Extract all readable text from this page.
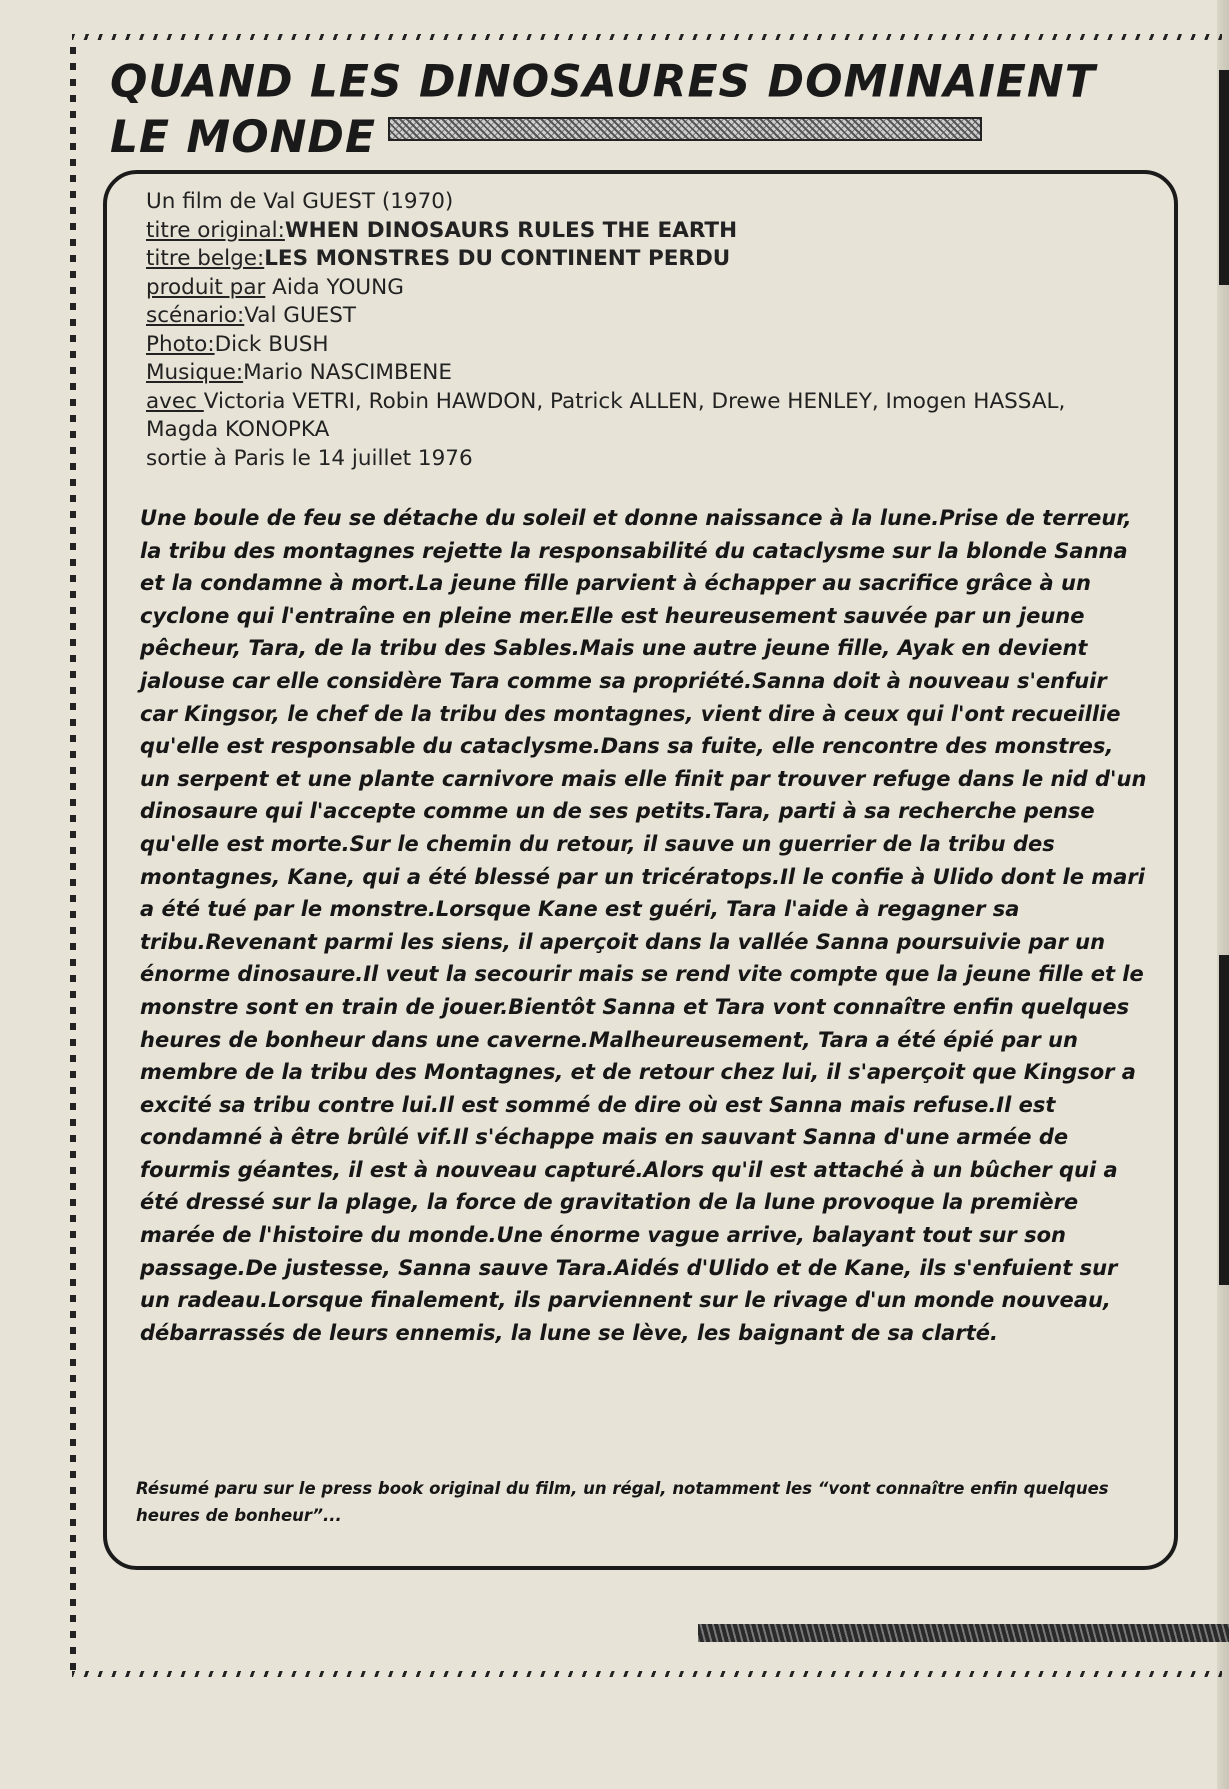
QUAND LES DINOSAURES DOMINAIENT
LE MONDE
Un film de Val GUEST (1970)
titre original:WHEN DINOSAURS RULES THE EARTH
titre belge:LES MONSTRES DU CONTINENT PERDU
produit par Aida YOUNG
scénario:Val GUEST
Photo:Dick BUSH
Musique:Mario NASCIMBENE
avec Victoria VETRI, Robin HAWDON, Patrick ALLEN, Drewe HENLEY, Imogen HASSAL, Magda KONOPKA
sortie à Paris le 14 juillet 1976

Une boule de feu se détache du soleil et donne naissance à la lune.Prise de terreur, la tribu des montagnes rejette la responsabilité du cataclysme sur la blonde Sanna et la condamne à mort.La jeune fille parvient à échapper au sacrifice grâce à un cyclone qui l'entraîne en pleine mer.Elle est heureusement sauvée par un jeune pêcheur, Tara, de la tribu des Sables.Mais une autre jeune fille, Ayak en devient jalouse car elle considère Tara comme sa propriété.Sanna doit à nouveau s'enfuir car Kingsor, le chef de la tribu des montagnes, vient dire à ceux qui l'ont recueillie qu'elle est responsable du cataclysme.Dans sa fuite, elle rencontre des monstres, un serpent et une plante carnivore mais elle finit par trouver refuge dans le nid d'un dinosaure qui l'accepte comme un de ses petits.Tara, parti à sa recherche pense qu'elle est morte.Sur le chemin du retour, il sauve un guerrier de la tribu des montagnes, Kane, qui a été blessé par un tricératops.Il le confie à Ulido dont le mari a été tué par le monstre.Lorsque Kane est guéri, Tara l'aide à regagner sa tribu.Revenant parmi les siens, il aperçoit dans la vallée Sanna poursuivie par un énorme dinosaure.Il veut la secourir mais se rend vite compte que la jeune fille et le monstre sont en train de jouer.Bientôt Sanna et Tara vont connaître enfin quelques heures de bonheur dans une caverne.Malheureusement, Tara a été épié par un membre de la tribu des Montagnes, et de retour chez lui, il s'aperçoit que Kingsor a excité sa tribu contre lui.Il est sommé de dire où est Sanna mais refuse.Il est condamné à être brûlé vif.Il s'échappe mais en sauvant Sanna d'une armée de fourmis géantes, il est à nouveau capturé.Alors qu'il est attaché à un bûcher qui a été dressé sur la plage, la force de gravitation de la lune provoque la première marée de l'histoire du monde.Une énorme vague arrive, balayant tout sur son passage.De justesse, Sanna sauve Tara.Aidés d'Ulido et de Kane, ils s'enfuient sur un radeau.Lorsque finalement, ils parviennent sur le rivage d'un monde nouveau, débarrassés de leurs ennemis, la lune se lève, les baignant de sa clarté.

Résumé paru sur le press book original du film, un régal, notamment les “vont connaître enfin quelques heures de bonheur”...
